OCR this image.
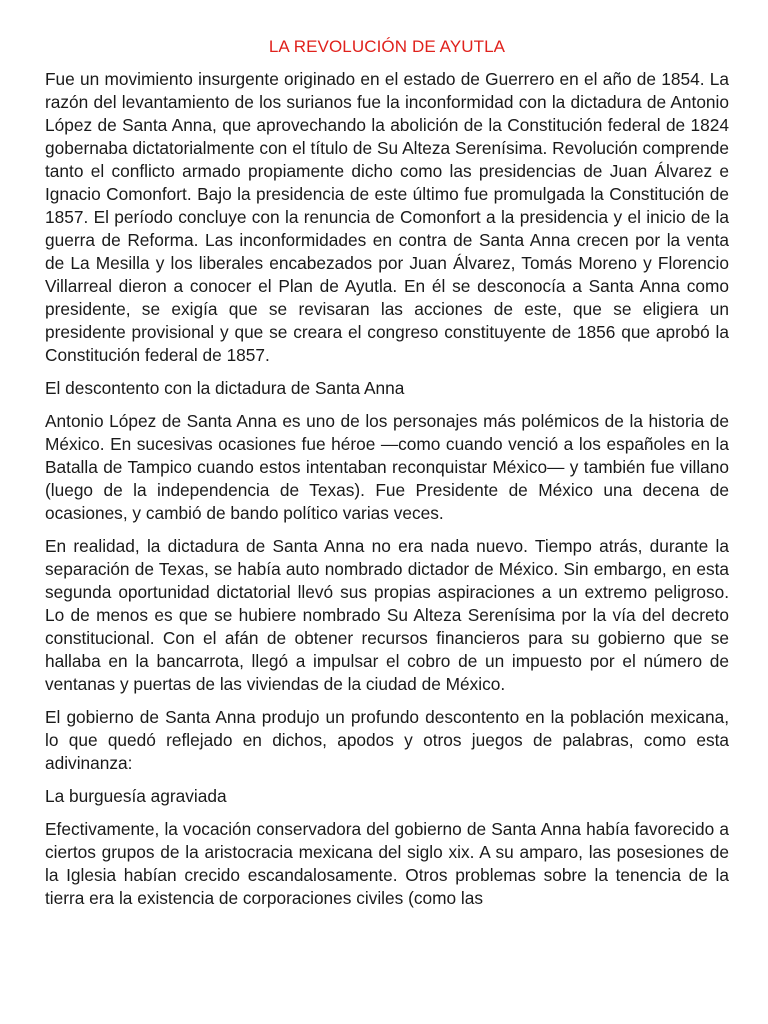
LA REVOLUCIÓN DE AYUTLA
Fue un movimiento insurgente originado en el estado de Guerrero en el año de 1854. La razón del levantamiento de los surianos fue la inconformidad con la dictadura de Antonio López de Santa Anna, que aprovechando la abolición de la Constitución federal de 1824 gobernaba dictatorialmente con el título de Su Alteza Serenísima. Revolución comprende tanto el conflicto armado propiamente dicho como las presidencias de Juan Álvarez e Ignacio Comonfort. Bajo la presidencia de este último fue promulgada la Constitución de 1857. El período concluye con la renuncia de Comonfort a la presidencia y el inicio de la guerra de Reforma. Las inconformidades en contra de Santa Anna crecen por la venta de La Mesilla y los liberales encabezados por Juan Álvarez, Tomás Moreno y Florencio Villarreal dieron a conocer el Plan de Ayutla. En él se desconocía a Santa Anna como presidente, se exigía que se revisaran las acciones de este, que se eligiera un presidente provisional y que se creara el congreso constituyente de 1856 que aprobó la Constitución federal de 1857.
El descontento con la dictadura de Santa Anna
Antonio López de Santa Anna es uno de los personajes más polémicos de la historia de México. En sucesivas ocasiones fue héroe —como cuando venció a los españoles en la Batalla de Tampico cuando estos intentaban reconquistar México— y también fue villano (luego de la independencia de Texas). Fue Presidente de México una decena de ocasiones, y cambió de bando político varias veces.
En realidad, la dictadura de Santa Anna no era nada nuevo. Tiempo atrás, durante la separación de Texas, se había auto nombrado dictador de México. Sin embargo, en esta segunda oportunidad dictatorial llevó sus propias aspiraciones a un extremo peligroso. Lo de menos es que se hubiere nombrado Su Alteza Serenísima por la vía del decreto constitucional. Con el afán de obtener recursos financieros para su gobierno que se hallaba en la bancarrota, llegó a impulsar el cobro de un impuesto por el número de ventanas y puertas de las viviendas de la ciudad de México.
El gobierno de Santa Anna produjo un profundo descontento en la población mexicana, lo que quedó reflejado en dichos, apodos y otros juegos de palabras, como esta adivinanza:
La burguesía agraviada
Efectivamente, la vocación conservadora del gobierno de Santa Anna había favorecido a ciertos grupos de la aristocracia mexicana del siglo xix. A su amparo, las posesiones de la Iglesia habían crecido escandalosamente. Otros problemas sobre la tenencia de la tierra era la existencia de corporaciones civiles (como las
